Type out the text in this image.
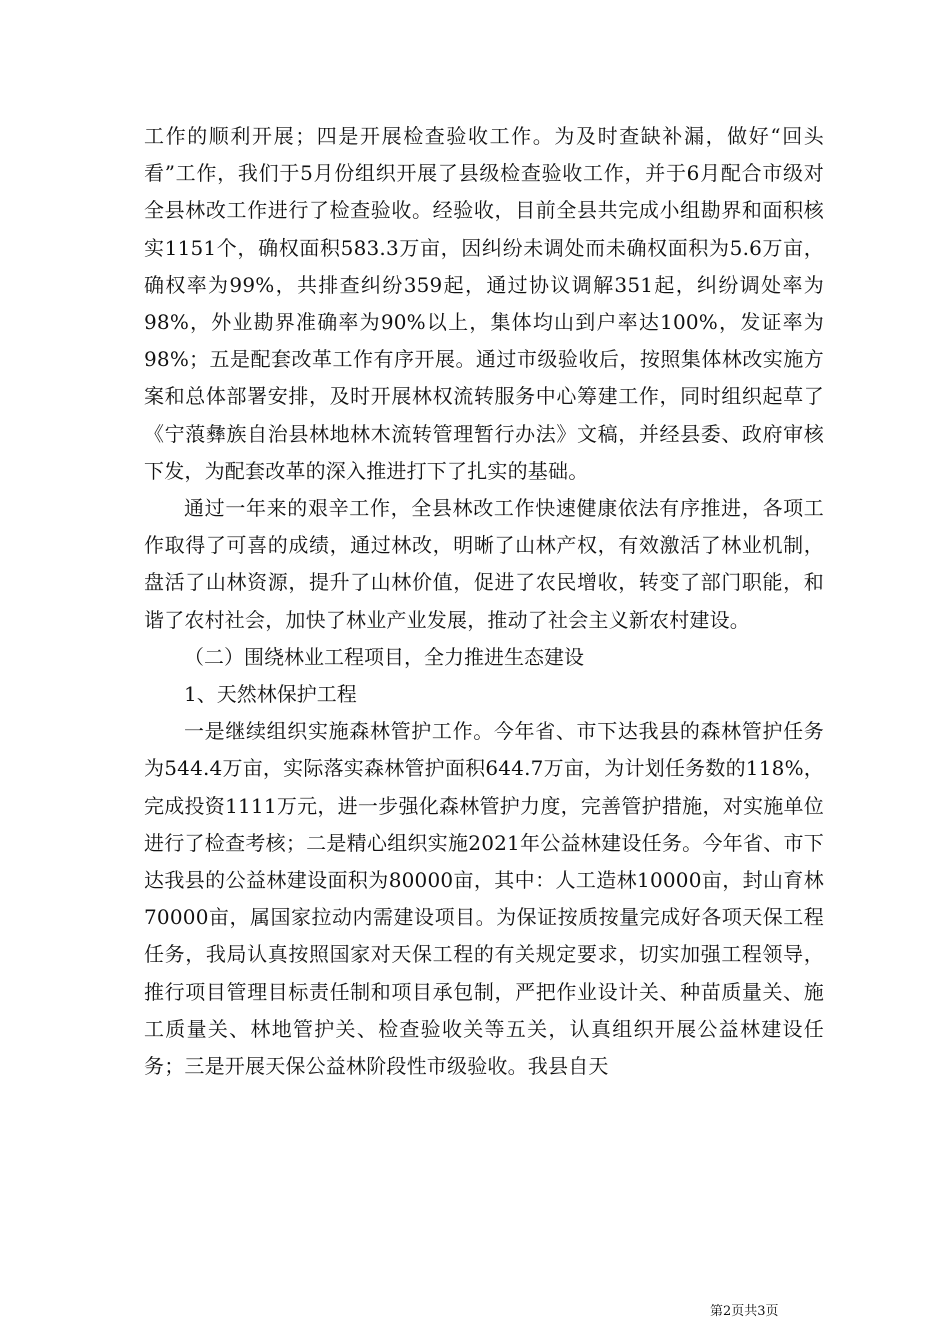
工作的顺利开展；四是开展检查验收工作。为及时查缺补漏，做好“回头看”工作，我们于5月份组织开展了县级检查验收工作，并于6月配合市级对全县林改工作进行了检查验收。经验收，目前全县共完成小组勘界和面积核实1151个，确权面积583.3万亩，因纠纷未调处而未确权面积为5.6万亩，确权率为99%，共排查纠纷359起，通过协议调解351起，纠纷调处率为98%，外业勘界准确率为90%以上，集体均山到户率达100%，发证率为98%；五是配套改革工作有序开展。通过市级验收后，按照集体林改实施方案和总体部署安排，及时开展林权流转服务中心筹建工作，同时组织起草了《宁蒗彝族自治县林地林木流转管理暂行办法》文稿，并经县委、政府审核下发，为配套改革的深入推进打下了扎实的基础。

通过一年来的艰辛工作，全县林改工作快速健康依法有序推进，各项工作取得了可喜的成绩，通过林改，明晰了山林产权，有效激活了林业机制，盘活了山林资源，提升了山林价值，促进了农民增收，转变了部门职能，和谐了农村社会，加快了林业产业发展，推动了社会主义新农村建设。

（二）围绕林业工程项目，全力推进生态建设

1、天然林保护工程

一是继续组织实施森林管护工作。今年省、市下达我县的森林管护任务为544.4万亩，实际落实森林管护面积644.7万亩，为计划任务数的118%，完成投资1111万元，进一步强化森林管护力度，完善管护措施，对实施单位进行了检查考核；二是精心组织实施2021年公益林建设任务。今年省、市下达我县的公益林建设面积为80000亩，其中：人工造林10000亩，封山育林70000亩，属国家拉动内需建设项目。为保证按质按量完成好各项天保工程任务，我局认真按照国家对天保工程的有关规定要求，切实加强工程领导，推行项目管理目标责任制和项目承包制，严把作业设计关、种苗质量关、施工质量关、林地管护关、检查验收关等五关，认真组织开展公益林建设任务；三是开展天保公益林阶段性市级验收。我县自天

第2页共3页
